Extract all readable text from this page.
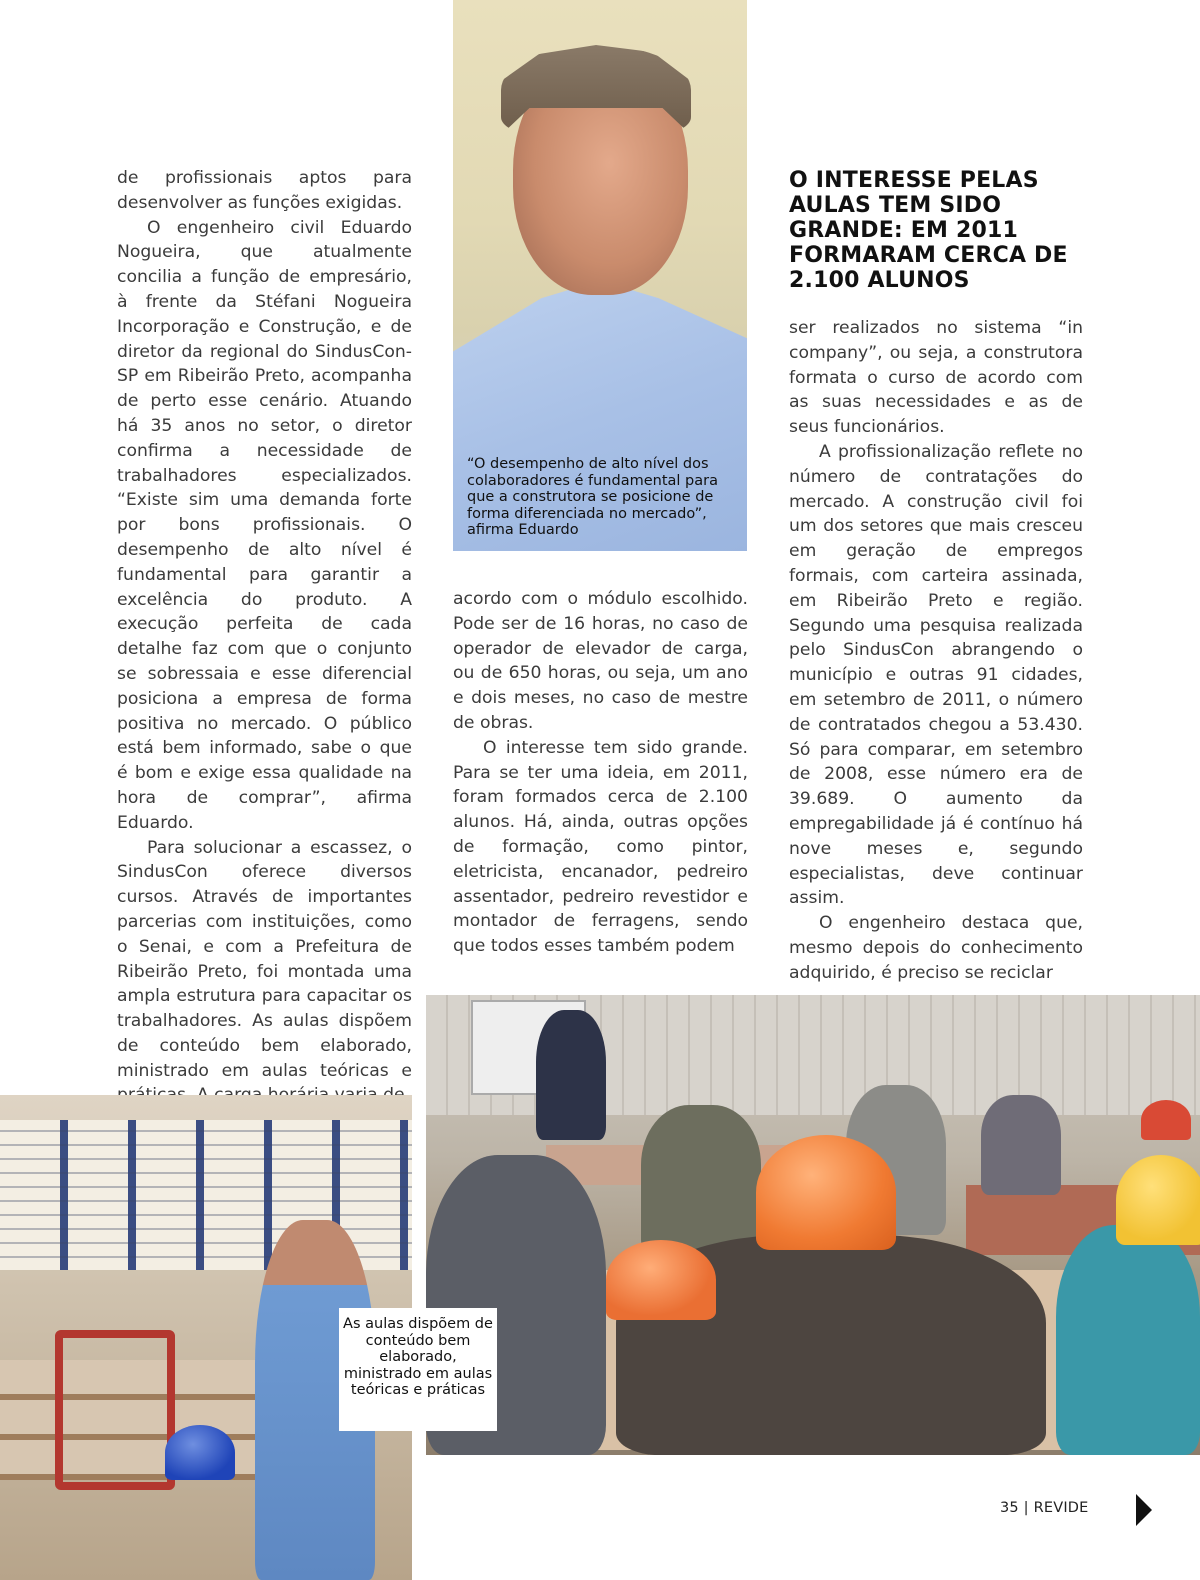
de profissionais aptos para desenvolver as funções exigidas.

O engenheiro civil Eduardo Nogueira, que atualmente concilia a função de empresário, à frente da Stéfani Nogueira Incorporação e Construção, e de diretor da regional do SindusCon-SP em Ribeirão Preto, acompanha de perto esse cenário. Atuando há 35 anos no setor, o diretor confirma a necessidade de trabalhadores especializados. “Existe sim uma demanda forte por bons profissionais. O desempenho de alto nível é fundamental para garantir a excelência do produto. A execução perfeita de cada detalhe faz com que o conjunto se sobressaia e esse diferencial posiciona a empresa de forma positiva no mercado. O público está bem informado, sabe o que é bom e exige essa qualidade na hora de comprar”, afirma Eduardo.

Para solucionar a escassez, o SindusCon oferece diversos cursos. Através de importantes parcerias com instituições, como o Senai, e com a Prefeitura de Ribeirão Preto, foi montada uma ampla estrutura para capacitar os trabalhadores. As aulas dispõem de conteúdo bem elaborado, ministrado em aulas teóricas e

“O desempenho de alto nível dos colaboradores é fundamental para que a construtora se posicione de forma diferenciada no mercado”, afirma Eduardo

acordo com o módulo escolhido. Pode ser de 16 horas, no caso de operador de elevador de carga, ou de 650 horas, ou seja, um ano e dois meses, no caso de mestre de obras.

O interesse tem sido grande. Para se ter uma ideia, em 2011, foram formados cerca de 2.100 alunos. Há, ainda, outras opções de formação, como pintor, eletricista, encanador, pedreiro assentador, pedreiro revestidor e montador de ferragens, sendo que todos esses também podem

O INTERESSE PELAS AULAS TEM SIDO GRANDE: EM 2011 FORMARAM CERCA DE 2.100 ALUNOS

ser realizados no sistema “in company”, ou seja, a construtora formata o curso de acordo com as suas necessidades e as de seus funcionários.

A profissionalização reflete no número de contratações do mercado. A construção civil foi um dos setores que mais cresceu em geração de empregos formais, com carteira assinada, em Ribeirão Preto e região. Segundo uma pesquisa realizada pelo SindusCon abrangendo o município e outras 91 cidades, em setembro de 2011, o número de contratados chegou a 53.430. Só para comparar, em setembro de 2008, esse número era de 39.689. O aumento da empregabilidade já é contínuo há nove meses e, segundo especialistas, deve continuar assim.

O engenheiro destaca que, mesmo depois do conhecimento adquirido, é preciso se reciclar

As aulas dispõem de conteúdo bem elaborado, ministrado em aulas teóricas e práticas
35 | REVIDE
